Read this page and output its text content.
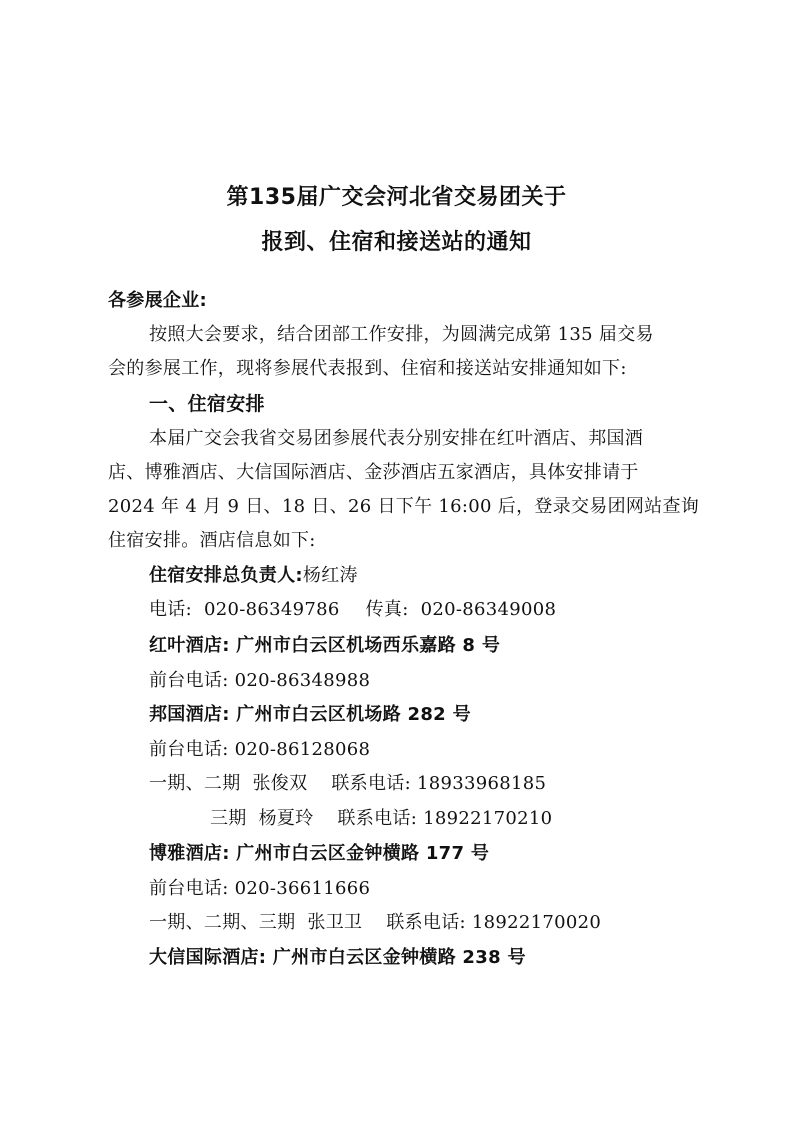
第135届广交会河北省交易团关于
报到、住宿和接送站的通知
各参展企业:
按照大会要求，结合团部工作安排，为圆满完成第 135 届交易
会的参展工作，现将参展代表报到、住宿和接送站安排通知如下:
一、住宿安排
本届广交会我省交易团参展代表分别安排在红叶酒店、邦国酒
店、博雅酒店、大信国际酒店、金莎酒店五家酒店，具体安排请于
2024 年 4 月 9 日、18 日、26 日下午 16:00 后，登录交易团网站查询
住宿安排。酒店信息如下:
住宿安排总负责人:杨红涛
电话: 020-86349786 传真: 020-86349008
红叶酒店: 广州市白云区机场西乐嘉路 8 号
前台电话: 020-86348988
邦国酒店: 广州市白云区机场路 282 号
前台电话: 020-86128068
一期、二期 张俊双 联系电话: 18933968185
三期 杨夏玲 联系电话: 18922170210
博雅酒店: 广州市白云区金钟横路 177 号
前台电话: 020-36611666
一期、二期、三期 张卫卫 联系电话: 18922170020
大信国际酒店: 广州市白云区金钟横路 238 号
